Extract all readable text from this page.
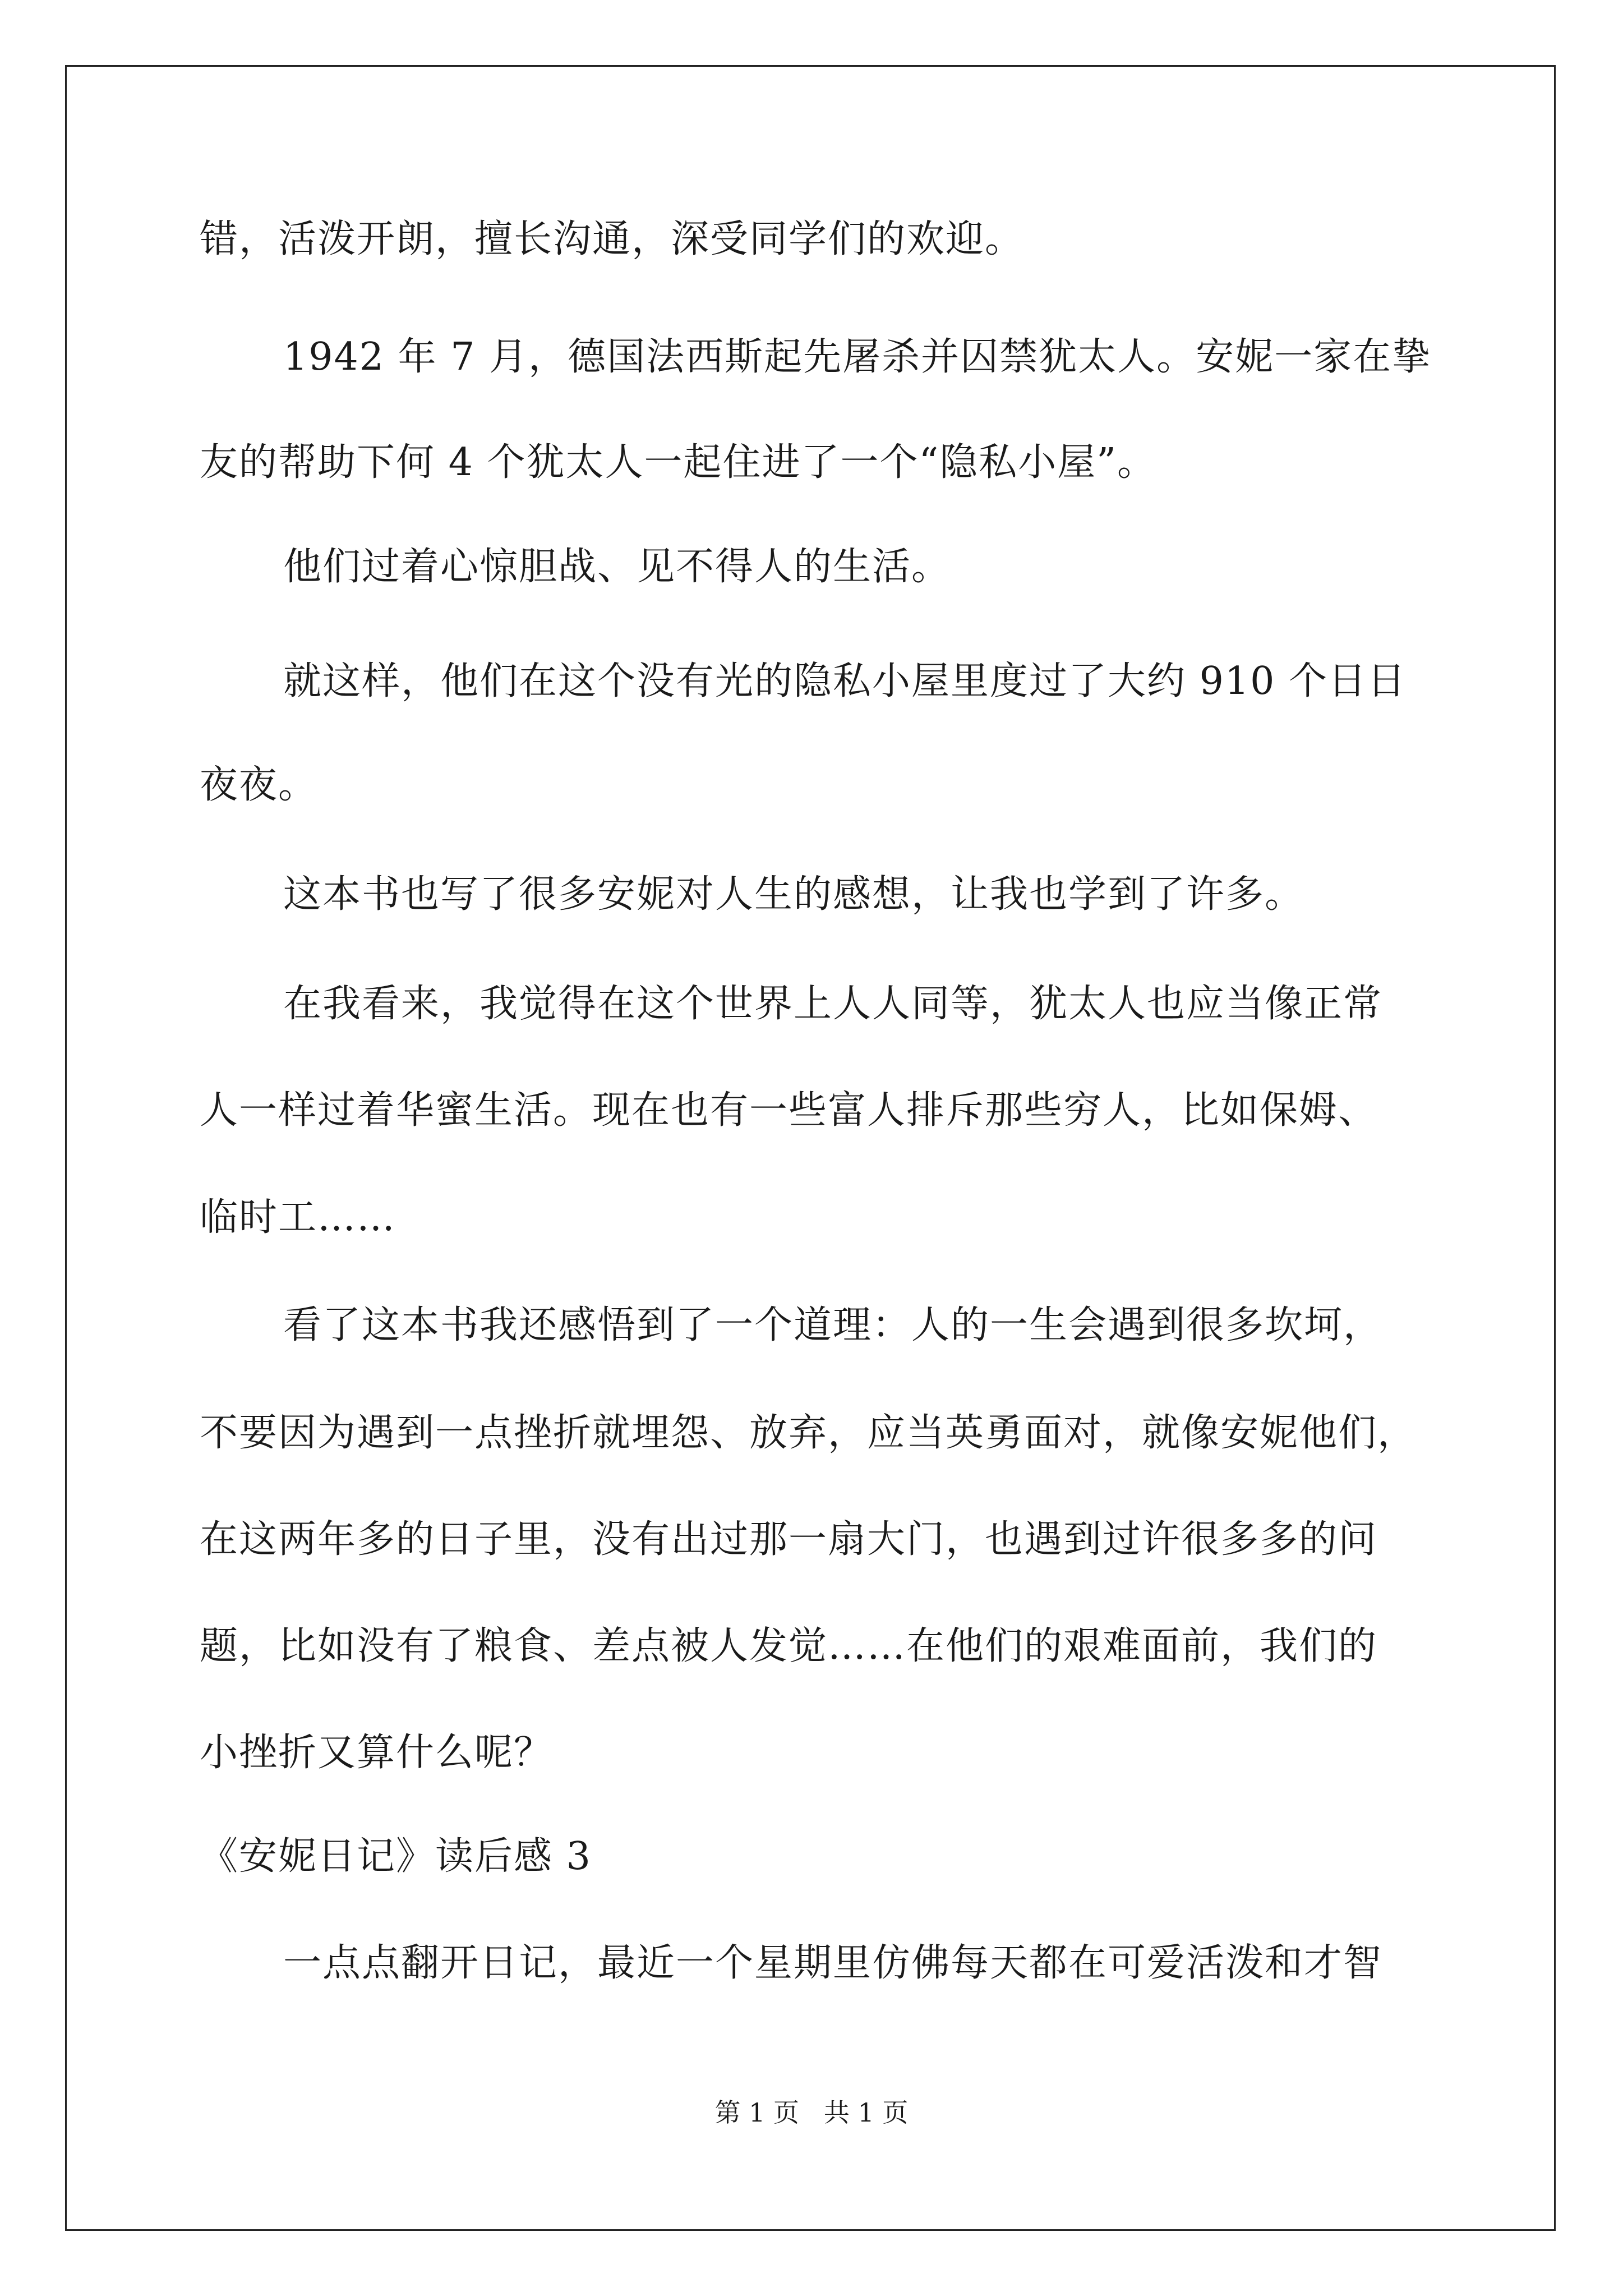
错，活泼开朗，擅长沟通，深受同学们的欢迎。
1942 年 7 月，德国法西斯起先屠杀并囚禁犹太人。安妮一家在挚
友的帮助下何 4 个犹太人一起住进了一个“隐私小屋”。
他们过着心惊胆战、见不得人的生活。
就这样，他们在这个没有光的隐私小屋里度过了大约 910 个日日
夜夜。
这本书也写了很多安妮对人生的感想，让我也学到了许多。
在我看来，我觉得在这个世界上人人同等，犹太人也应当像正常
人一样过着华蜜生活。现在也有一些富人排斥那些穷人，比如保姆、
临时工……
看了这本书我还感悟到了一个道理：人的一生会遇到很多坎坷，
不要因为遇到一点挫折就埋怨、放弃，应当英勇面对，就像安妮他们，
在这两年多的日子里，没有出过那一扇大门，也遇到过许很多多的问
题，比如没有了粮食、差点被人发觉……在他们的艰难面前，我们的
小挫折又算什么呢？
《安妮日记》读后感 3
一点点翻开日记，最近一个星期里仿佛每天都在可爱活泼和才智
第 1 页   共 1 页
